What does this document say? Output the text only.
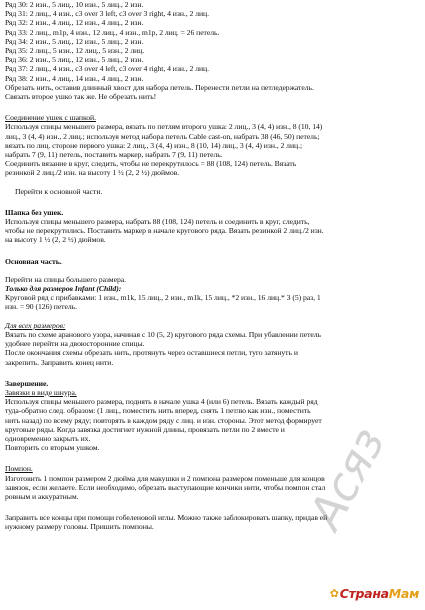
Ряд 30: 2 изн., 5 лиц., 10 изн., 5 лиц., 2 изн.

Ряд 31: 2 лиц., 4 изн., c3 over 3 left, c3 over 3 right, 4 изн., 2 лиц.

Ряд 32: 2 изн., 4 лиц., 12 изн., 4 лиц., 2 изн.

Ряд 33: 2 лиц., m1p, 4 изн., 12 лиц., 4 изн., m1p, 2 лиц. = 26 петель.

Ряд 34: 2 изн., 5 лиц., 12 изн., 5 лиц., 2 изн.

Ряд 35: 2 лиц., 5 изн., 12 лиц., 5 изн., 2 лиц.

Ряд 36: 2 изн., 5 лиц., 12 изн., 5 лиц., 2 изн.

Ряд 37: 2 лиц., 4 изн., c3 over 4 left, c3 over 4 right, 4 изн., 2 лиц.

Ряд 38: 2 изн., 4 лиц., 14 изн., 4 лиц., 2 изн.

Обрезать нить, оставив длинный хвост для набора петель. Перенести петли на петледержатель.

Связать второе ушко так же. Не обрезать нить!

Соединение ушек с шапкой.

Используя спицы меньшего размера, вязать по петлям второго ушка: 2 лиц., 3 (4, 4) изн., 8 (10, 14)

лиц., 3 (4, 4) изн., 2 лиц.; используя метод набора петель Cable cast-on, набрать 38 (46, 50) петель;

вязать по лиц. стороне первого ушка: 2 лиц., 3 (4, 4) изн., 8 (10, 14) лиц., 3 (4, 4) изн., 2 лиц.;

набрать 7 (9, 11) петель, поставить маркер, набрать 7 (9, 11) петель.

Соединить вязание в круг, следить, чтобы не перекрутилось = 88 (108, 124) петель. Вязать

резинкой 2 лиц./2 изн. на высоту 1 ½ (2, 2 ½) дюймов.

Перейти к основной части.

Шапка без ушек.

Используя спицы меньшего размера, набрать 88 (108, 124) петель и соединить в круг, следить,

чтобы не перекрутились. Поставить маркер в начале кругового ряда. Вязать резинкой 2 лиц./2 изн.

на высоту 1 ½ (2, 2 ½) дюймов.

Основная часть.

Перейти на спицы большего размера.

Только для размеров Infant (Child):

Круговой ряд с прибавками: 1 изн., m1k, 15 лиц., 2 изн., m1k, 15 лиц., *2 изн., 16 лиц.* 3 (5) раз, 1

изн. = 90 (126) петель.

Для всех размеров:

Вязать по схеме аранового узора, начиная с 10 (5, 2) кругового ряда схемы. При убавлении петель

удобнее перейти на двоюсторонние спицы.

После окончания схемы обрезать нить, протянуть через оставшиеся петли, туго затянуть и

закрепить. Заправить конец нити.

Завершение.

Завязки в виде шнура.

Используя спицы меньшего размера, поднять в начале ушка 4 (или 6) петель. Вязать каждый ряд

туда-обратно след. образом: (1 лиц., поместить нить вперед, снять 1 петлю как изн., поместить

нить назад) по всему ряду; повторять в каждом ряду с лиц. и изн. стороны. Этот метод формирует

круговые ряды. Когда завязка достигнет нужной длины, провязать петли по 2 вместе и

одновременно закрыть их.

Повторить со вторым ушком.

Помпон.

Изготовить 1 помпон размером 2 дюйма для макушки и 2 помпона размером поменьше для концов

завязок, если желаете. Если необходимо, обрезать выступающие кончики нити, чтобы помпон стал

ровным и аккуратным.

Заправить все концы при помощи гобеленовой иглы. Можно также заблокировать шапку, придав ей

нужному размеру головы. Пришить помпоны.	Асяз
✿ Страна Мам
